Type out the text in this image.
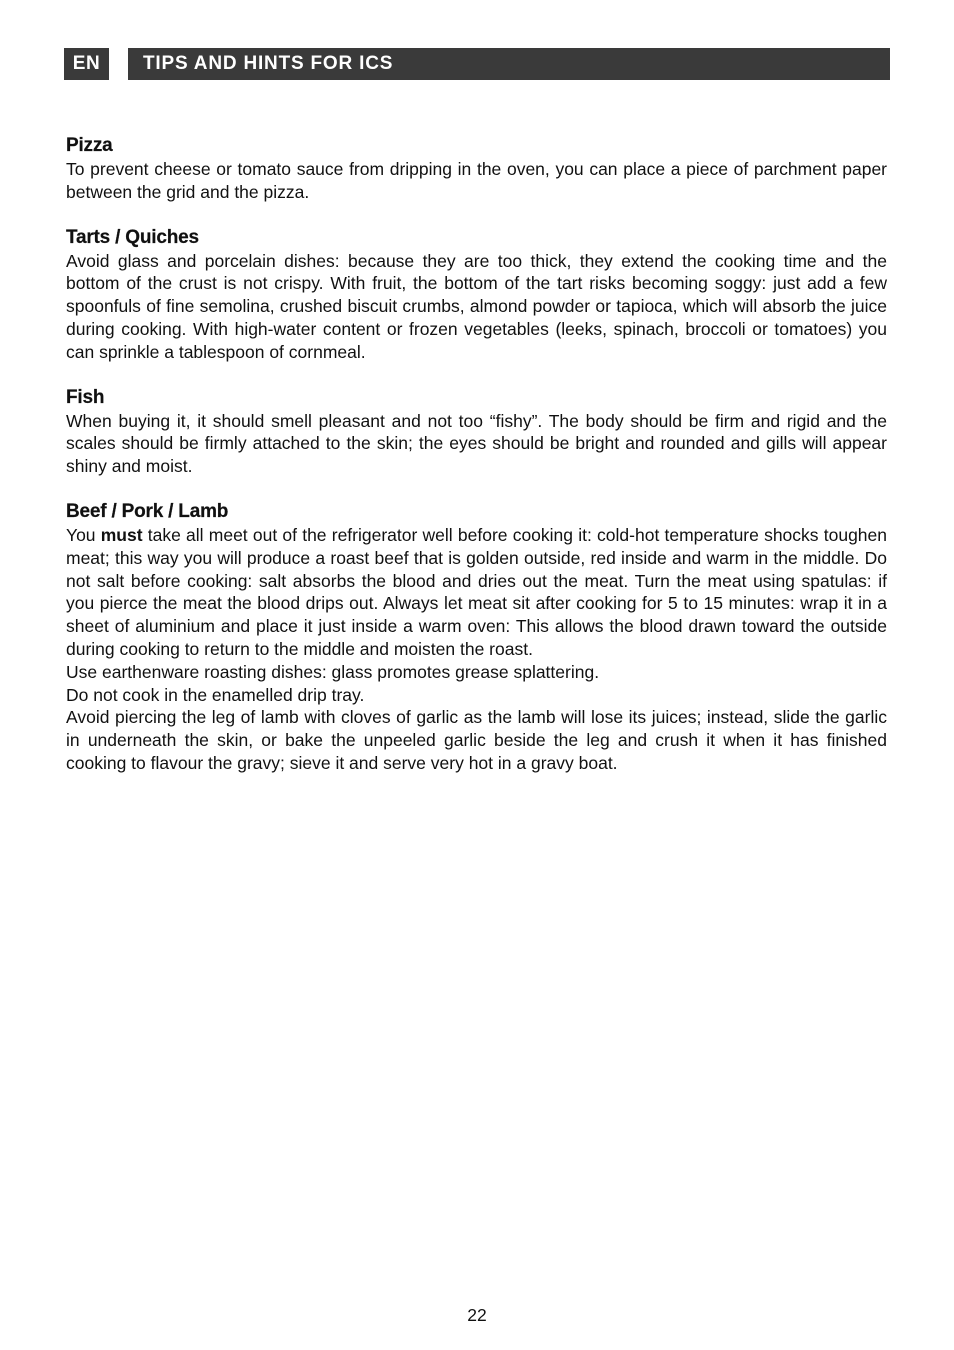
EN	TIPS AND HINTS FOR ICS
Pizza

To prevent cheese or tomato sauce from dripping in the oven, you can place a piece of parchment paper between the grid and the pizza.

Tarts / Quiches

Avoid glass and porcelain dishes: because they are too thick, they extend the cooking time and the bottom of the crust is not crispy. With fruit, the bottom of the tart risks becoming soggy: just add a few spoonfuls of fine semolina, crushed biscuit crumbs, almond powder or tapioca, which will absorb the juice during cooking. With high-water content or frozen vegetables (leeks, spinach, broccoli or tomatoes) you can sprinkle a tablespoon of cornmeal.

Fish

When buying it, it should smell pleasant and not too “fishy”. The body should be firm and rigid and the scales should be firmly attached to the skin; the eyes should be bright and rounded and gills will appear shiny and moist.

Beef / Pork / Lamb

You must take all meet out of the refrigerator well before cooking it: cold-hot temperature shocks toughen meat; this way you will produce a roast beef that is golden outside, red inside and warm in the middle. Do not salt before cooking: salt absorbs the blood and dries out the meat. Turn the meat using spatulas: if you pierce the meat the blood drips out. Always let meat sit after cooking for 5 to 15 minutes: wrap it in a sheet of aluminium and place it just inside a warm oven: This allows the blood drawn toward the outside during cooking to return to the middle and moisten the roast.

Use earthenware roasting dishes: glass promotes grease splattering.

Do not cook in the enamelled drip tray.

Avoid piercing the leg of lamb with cloves of garlic as the lamb will lose its juices; instead, slide the garlic in underneath the skin, or bake the unpeeled garlic beside the leg and crush it when it has finished cooking to flavour the gravy; sieve it and serve very hot in a gravy boat.

22
